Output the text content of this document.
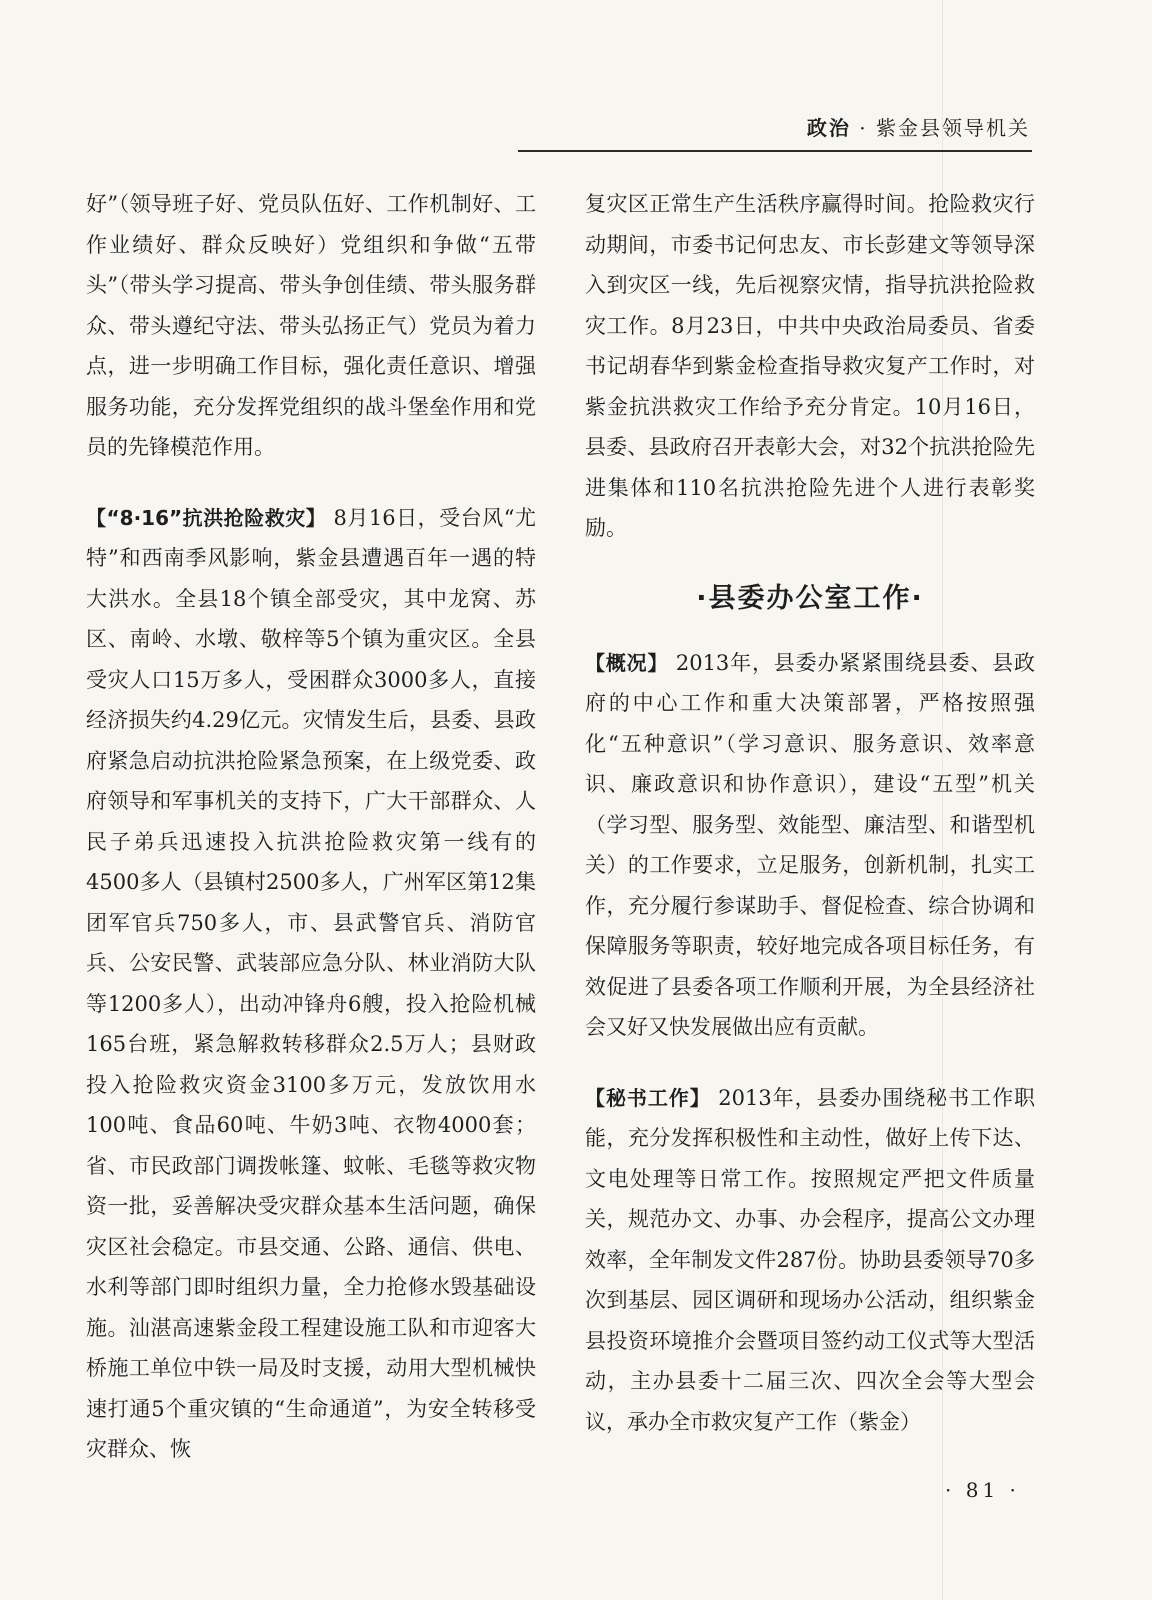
政治 · 紫金县领导机关

好”（领导班子好、党员队伍好、工作机制好、工作业绩好、群众反映好）党组织和争做“五带头”（带头学习提高、带头争创佳绩、带头服务群众、带头遵纪守法、带头弘扬正气）党员为着力点，进一步明确工作目标，强化责任意识、增强服务功能，充分发挥党组织的战斗堡垒作用和党员的先锋模范作用。

【“8·16”抗洪抢险救灾】 8月16日，受台风“尤特”和西南季风影响，紫金县遭遇百年一遇的特大洪水。全县18个镇全部受灾，其中龙窝、苏区、南岭、水墩、敬梓等5个镇为重灾区。全县受灾人口15万多人，受困群众3000多人，直接经济损失约4.29亿元。灾情发生后，县委、县政府紧急启动抗洪抢险紧急预案，在上级党委、政府领导和军事机关的支持下，广大干部群众、人民子弟兵迅速投入抗洪抢险救灾第一线有的4500多人（县镇村2500多人，广州军区第12集团军官兵750多人，市、县武警官兵、消防官兵、公安民警、武装部应急分队、林业消防大队等1200多人），出动冲锋舟6艘，投入抢险机械165台班，紧急解救转移群众2.5万人；县财政投入抢险救灾资金3100多万元，发放饮用水100吨、食品60吨、牛奶3吨、衣物4000套；省、市民政部门调拨帐篷、蚊帐、毛毯等救灾物资一批，妥善解决受灾群众基本生活问题，确保灾区社会稳定。市县交通、公路、通信、供电、水利等部门即时组织力量，全力抢修水毁基础设施。汕湛高速紫金段工程建设施工队和市迎客大桥施工单位中铁一局及时支援，动用大型机械快速打通5个重灾镇的“生命通道”，为安全转移受灾群众、恢

复灾区正常生产生活秩序赢得时间。抢险救灾行动期间，市委书记何忠友、市长彭建文等领导深入到灾区一线，先后视察灾情，指导抗洪抢险救灾工作。8月23日，中共中央政治局委员、省委书记胡春华到紫金检查指导救灾复产工作时，对紫金抗洪救灾工作给予充分肯定。10月16日，县委、县政府召开表彰大会，对32个抗洪抢险先进集体和110名抗洪抢险先进个人进行表彰奖励。

·县委办公室工作·

【概况】 2013年，县委办紧紧围绕县委、县政府的中心工作和重大决策部署，严格按照强化“五种意识”（学习意识、服务意识、效率意识、廉政意识和协作意识），建设“五型”机关（学习型、服务型、效能型、廉洁型、和谐型机关）的工作要求，立足服务，创新机制，扎实工作，充分履行参谋助手、督促检查、综合协调和保障服务等职责，较好地完成各项目标任务，有效促进了县委各项工作顺利开展，为全县经济社会又好又快发展做出应有贡献。

【秘书工作】 2013年，县委办围绕秘书工作职能，充分发挥积极性和主动性，做好上传下达、文电处理等日常工作。按照规定严把文件质量关，规范办文、办事、办会程序，提高公文办理效率，全年制发文件287份。协助县委领导70多次到基层、园区调研和现场办公活动，组织紫金县投资环境推介会暨项目签约动工仪式等大型活动，主办县委十二届三次、四次全会等大型会议，承办全市救灾复产工作（紫金）

· 81 ·
